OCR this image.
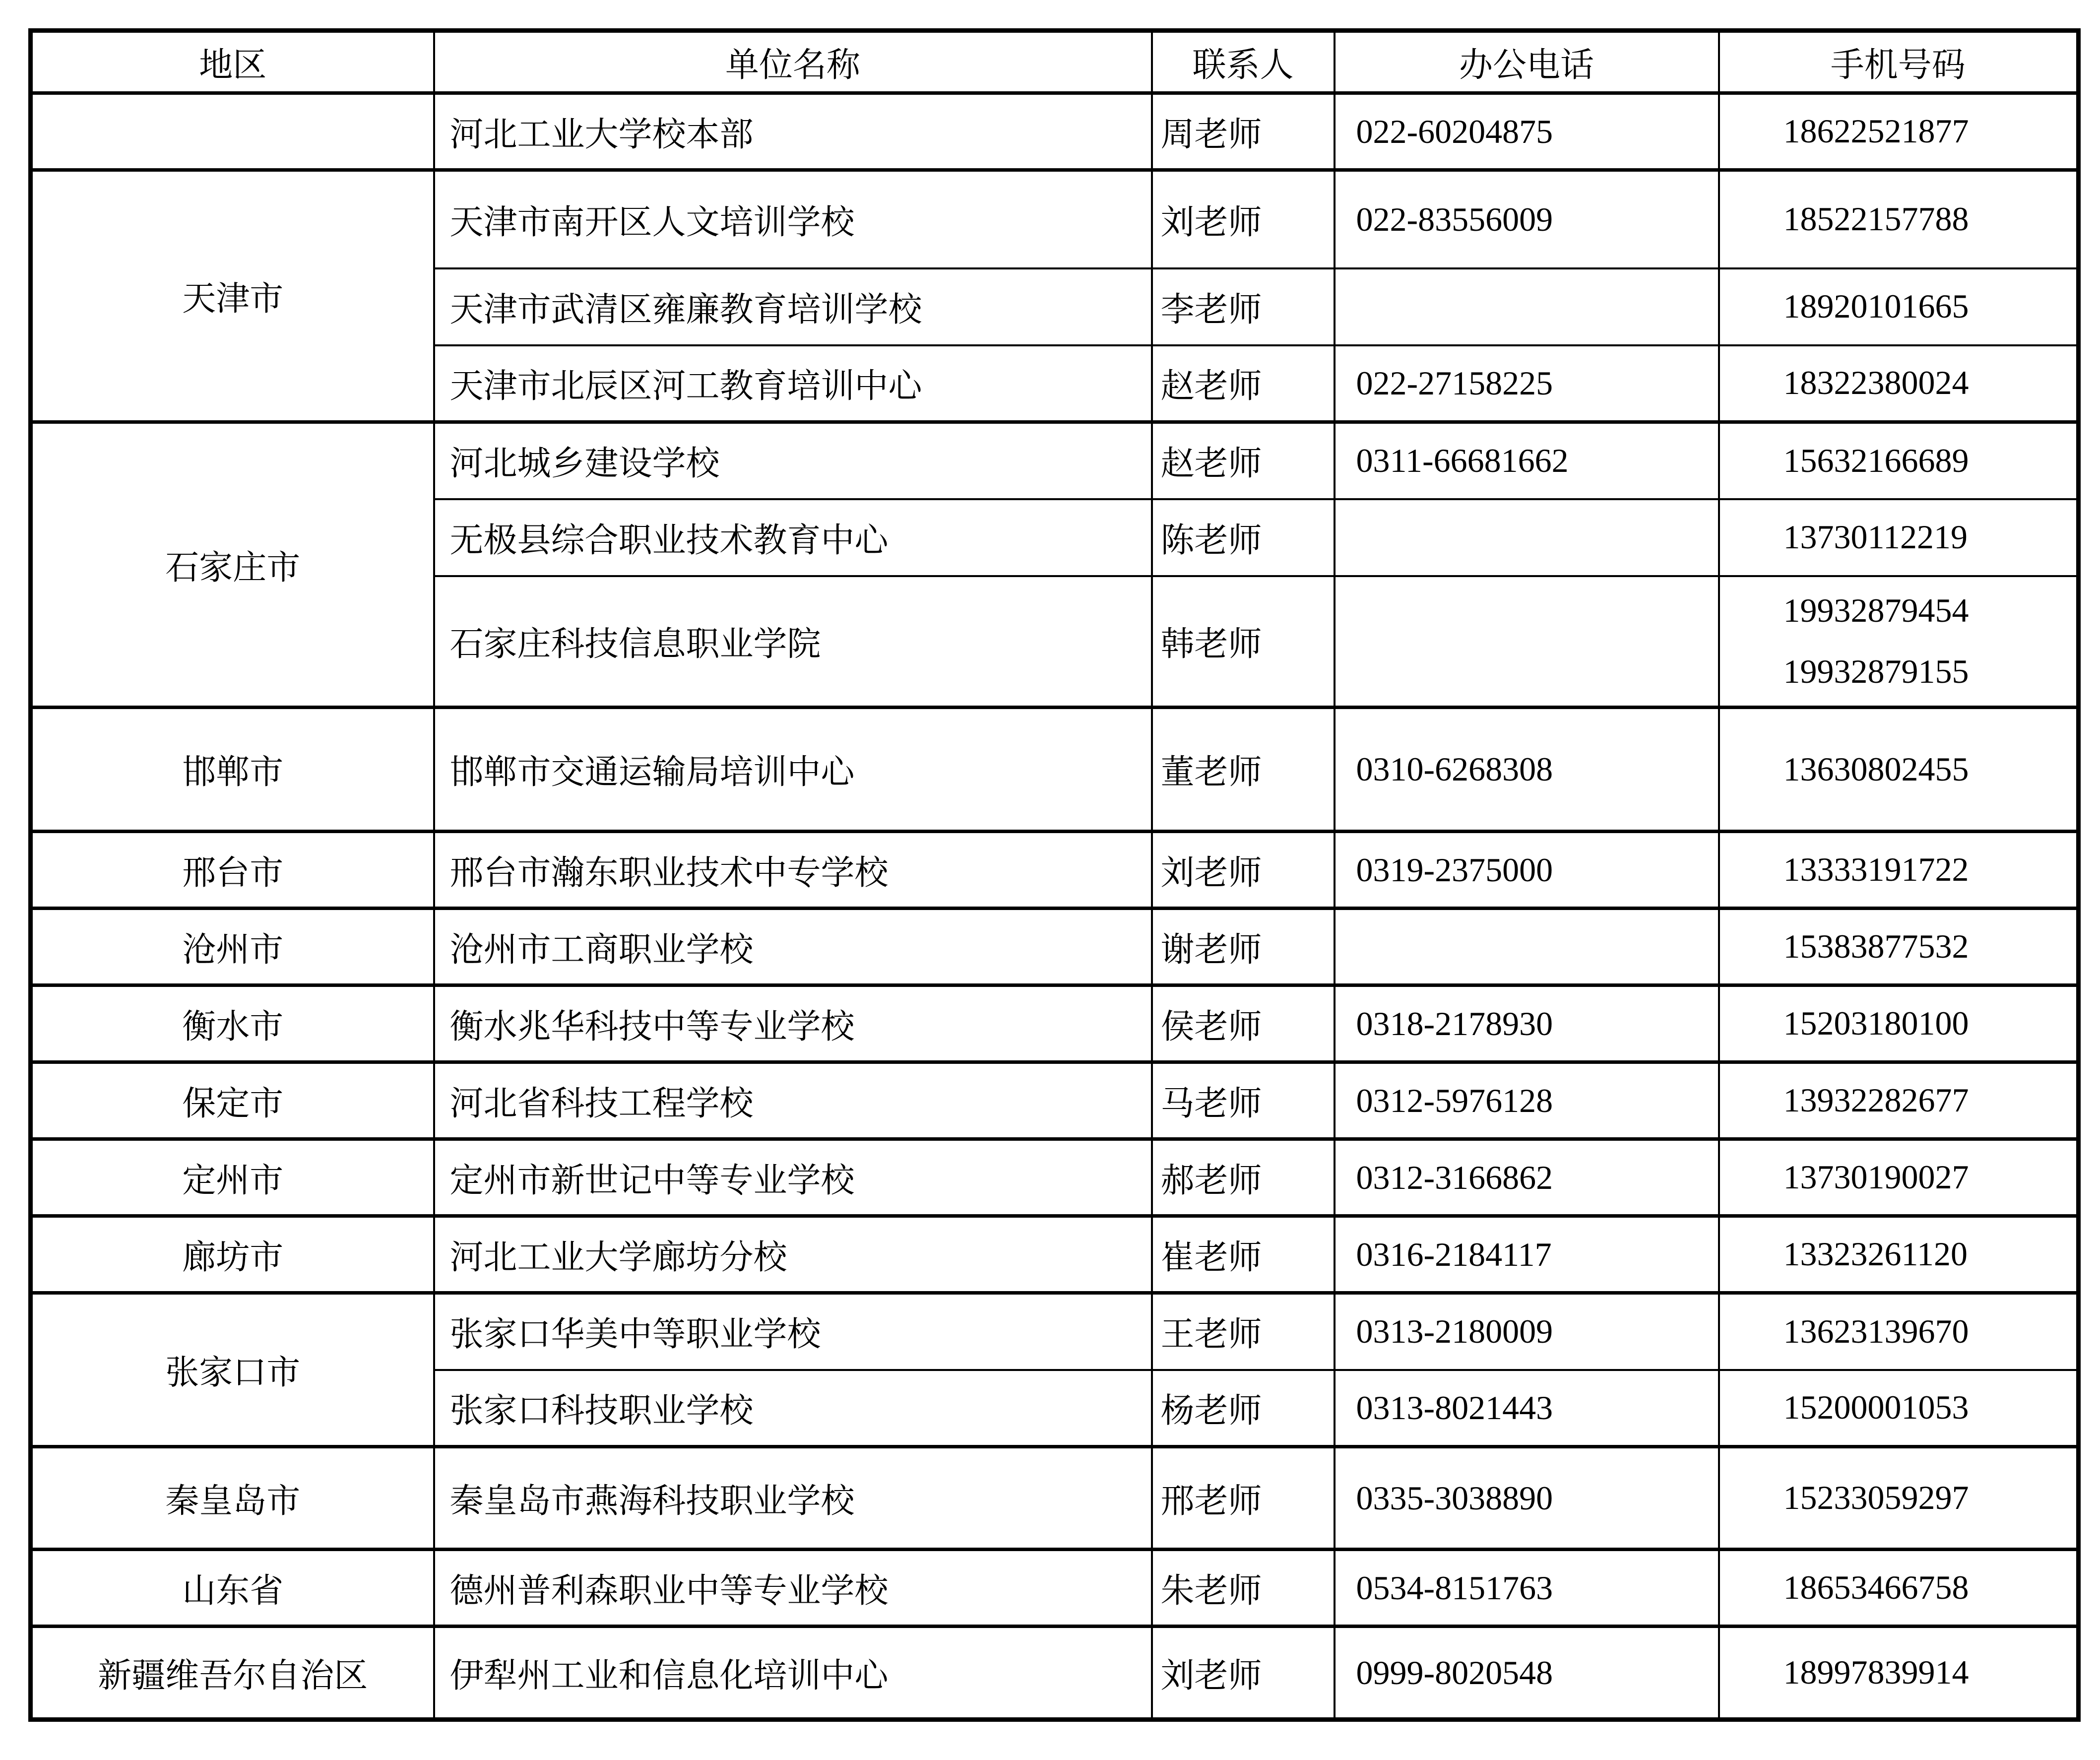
地区	单位名称	联系人	办公电话	手机号码
	河北工业大学校本部	周老师	022-60204875	18622521877

天津市	天津市南开区人文培训学校	刘老师	022-83556009	18522157788

	天津市武清区雍廉教育培训学校	李老师		18920101665

	天津市北辰区河工教育培训中心	赵老师	022-27158225	18322380024

石家庄市	河北城乡建设学校	赵老师	0311-66681662	15632166689

	无极县综合职业技术教育中心	陈老师		13730112219

	石家庄科技信息职业学院	韩老师		19932879454
19932879155

邯郸市	邯郸市交通运输局培训中心	董老师	0310-6268308	13630802455

邢台市	邢台市瀚东职业技术中专学校	刘老师	0319-2375000	13333191722

沧州市	沧州市工商职业学校	谢老师		15383877532

衡水市	衡水兆华科技中等专业学校	侯老师	0318-2178930	15203180100

保定市	河北省科技工程学校	马老师	0312-5976128	13932282677

定州市	定州市新世记中等专业学校	郝老师	0312-3166862	13730190027

廊坊市	河北工业大学廊坊分校	崔老师	0316-2184117	13323261120

张家口市	张家口华美中等职业学校	王老师	0313-2180009	13623139670

	张家口科技职业学校	杨老师	0313-8021443	15200001053

秦皇岛市	秦皇岛市燕海科技职业学校	邢老师	0335-3038890	15233059297

山东省	德州普利森职业中等专业学校	朱老师	0534-8151763	18653466758

新疆维吾尔自治区	伊犁州工业和信息化培训中心	刘老师	0999-8020548	18997839914
